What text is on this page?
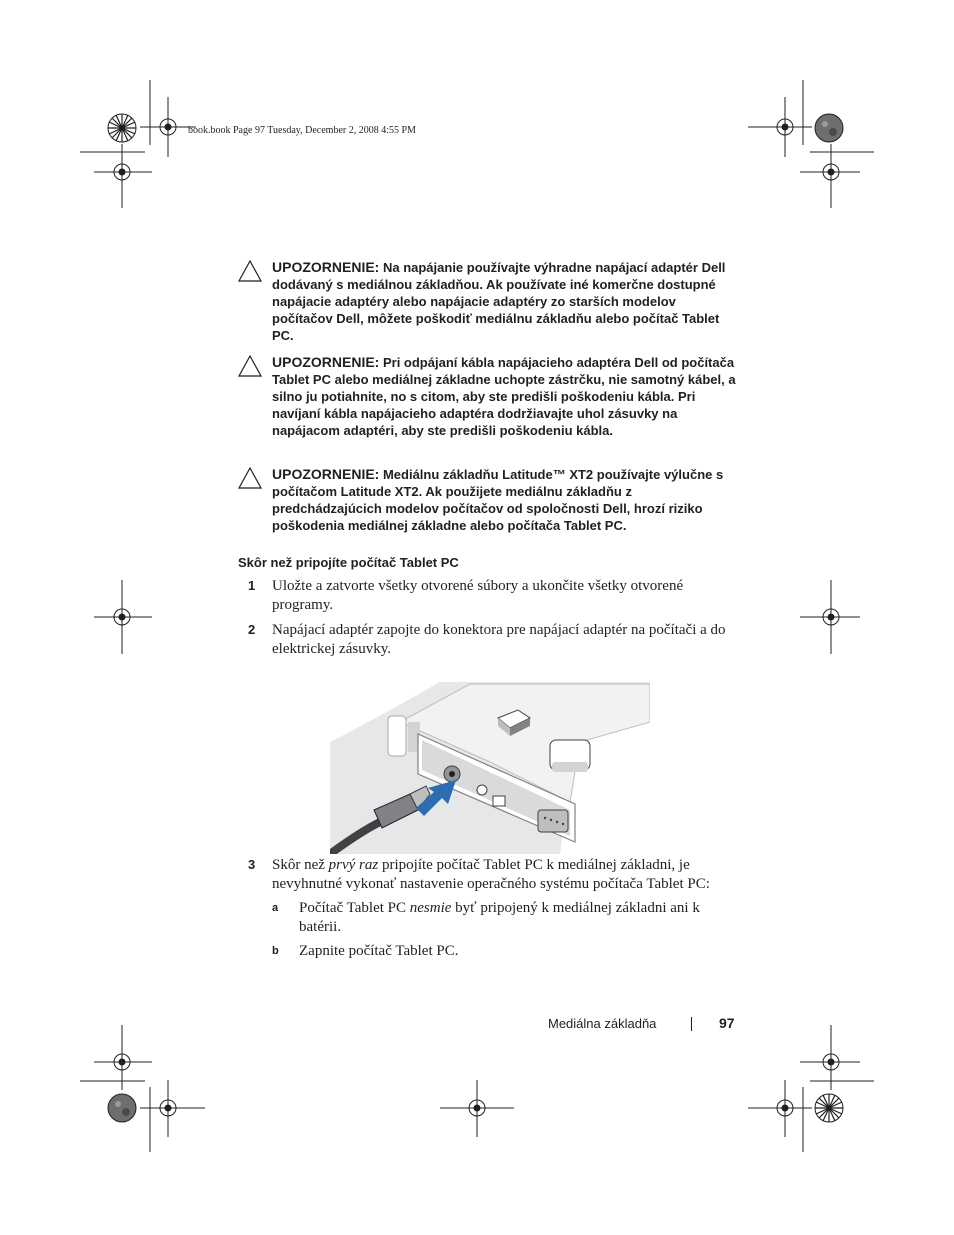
book.book Page 97 Tuesday, December 2, 2008 4:55 PM
UPOZORNENIE: Na napájanie používajte výhradne napájací adaptér Dell dodávaný s mediálnou základňou. Ak používate iné komerčne dostupné napájacie adaptéry alebo napájacie adaptéry zo starších modelov počítačov Dell, môžete poškodiť mediálnu základňu alebo počítač Tablet PC.
UPOZORNENIE: Pri odpájaní kábla napájacieho adaptéra Dell od počítača Tablet PC alebo mediálnej základne uchopte zástrčku, nie samotný kábel, a silno ju potiahnite, no s citom, aby ste predišli poškodeniu kábla. Pri navíjaní kábla napájacieho adaptéra dodržiavajte uhol zásuvky na napájacom adaptéri, aby ste predišli poškodeniu kábla.
UPOZORNENIE: Mediálnu základňu Latitude™ XT2 používajte výlučne s počítačom Latitude XT2. Ak použijete mediálnu základňu z predchádzajúcich modelov počítačov od spoločnosti Dell, hrozí riziko poškodenia mediálnej základne alebo počítača Tablet PC.
Skôr než pripojíte počítač Tablet PC
1 Uložte a zatvorte všetky otvorené súbory a ukončite všetky otvorené programy.
2 Napájací adaptér zapojte do konektora pre napájací adaptér na počítači a do elektrickej zásuvky.
3 Skôr než prvý raz pripojíte počítač Tablet PC k mediálnej základni, je nevyhnutné vykonať nastavenie operačného systému počítača Tablet PC:
a Počítač Tablet PC nesmie byť pripojený k mediálnej základni ani k batérii.
b Zapnite počítač Tablet PC.
Mediálna základňa	97
